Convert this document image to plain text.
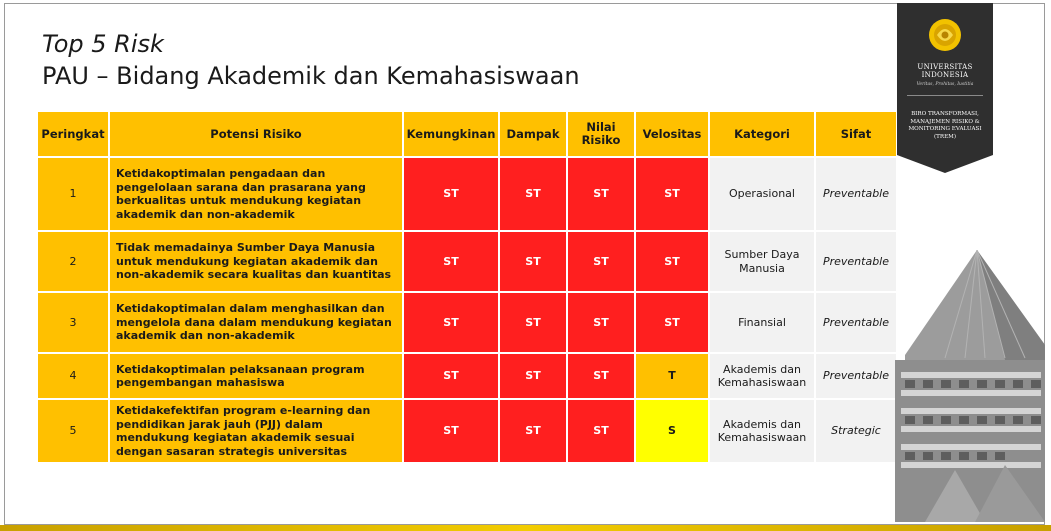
Top 5 Risk
PAU – Bidang Akademik dan Kemahasiswaan
Peringkat	Potensi Risiko	Kemungkinan	Dampak	Nilai Risiko	Velositas	Kategori	Sifat
1	Ketidakoptimalan pengadaan dan pengelolaan sarana dan prasarana yang berkualitas untuk mendukung kegiatan akademik dan non-akademik	ST	ST	ST	ST	Operasional	Preventable
2	Tidak memadainya Sumber Daya Manusia untuk mendukung kegiatan akademik dan non-akademik secara kualitas dan kuantitas	ST	ST	ST	ST	Sumber Daya Manusia	Preventable
3	Ketidakoptimalan dalam menghasilkan dan mengelola dana dalam mendukung kegiatan akademik dan non-akademik	ST	ST	ST	ST	Finansial	Preventable
4	Ketidakoptimalan pelaksanaan program pengembangan mahasiswa	ST	ST	ST	T	Akademis dan Kemahasiswaan	Preventable
5	Ketidakefektifan program e-learning dan pendidikan jarak jauh (PJJ) dalam mendukung kegiatan akademik sesuai dengan sasaran strategis universitas	ST	ST	ST	S	Akademis dan Kemahasiswaan	Strategic
UNIVERSITAS
INDONESIA
Veritas, Prohitas, Iustitia
BIRO TRANSFORMASI,
MANAJEMEN RISIKO &
MONITORING EVALUASI
(TREM)
